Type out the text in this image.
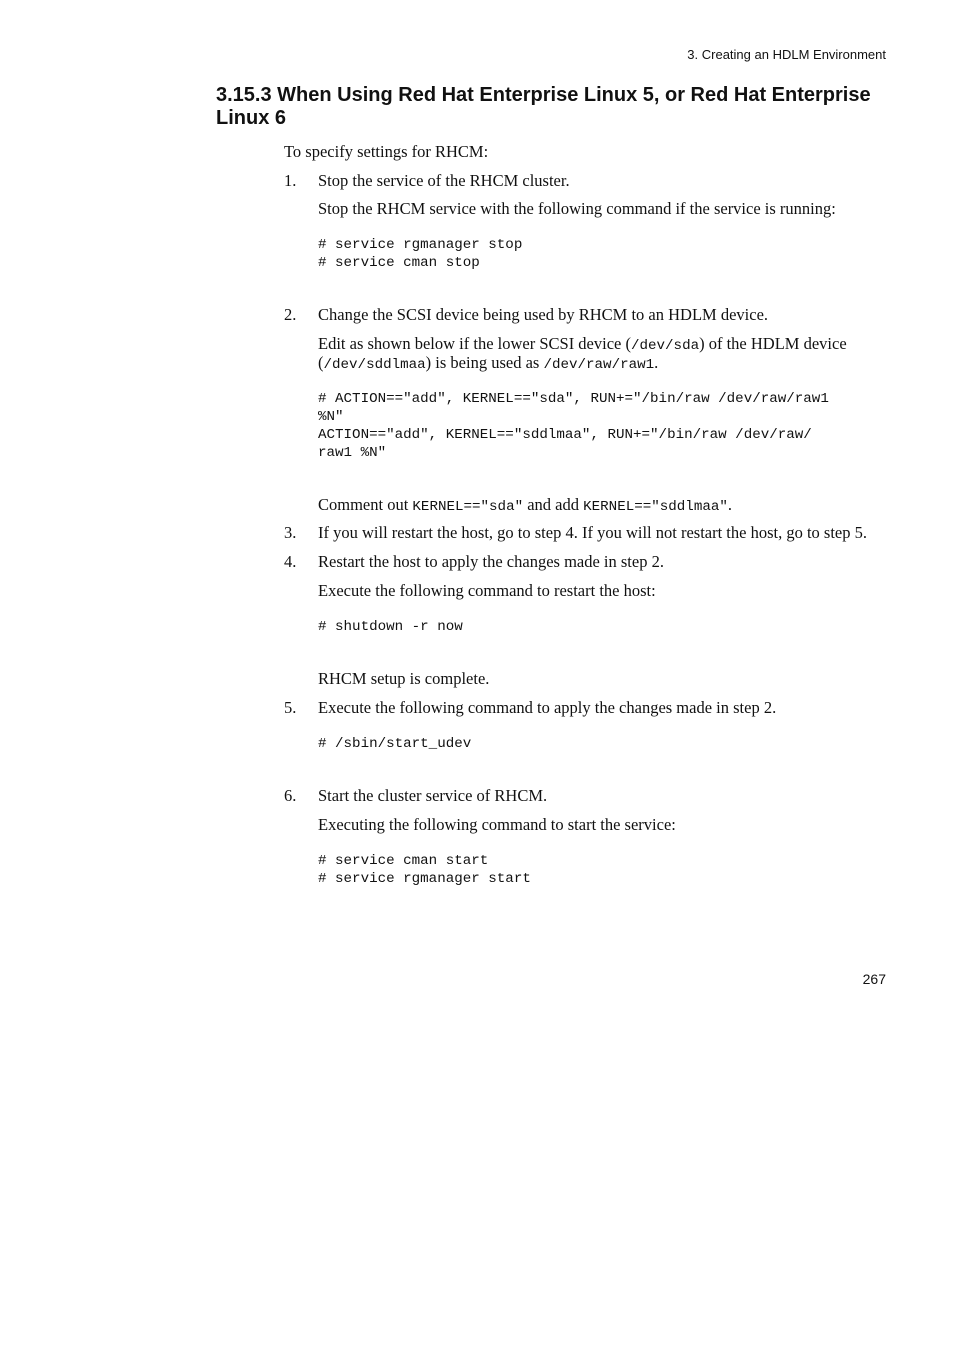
3. Creating an HDLM Environment
3.15.3 When Using Red Hat Enterprise Linux 5, or Red Hat Enterprise Linux 6
To specify settings for RHCM:
1. Stop the service of the RHCM cluster.
Stop the RHCM service with the following command if the service is running:
# service rgmanager stop
# service cman stop
2. Change the SCSI device being used by RHCM to an HDLM device.
Edit as shown below if the lower SCSI device (/dev/sda) of the HDLM device
(/dev/sddlmaa) is being used as /dev/raw/raw1.
# ACTION=="add", KERNEL=="sda", RUN+="/bin/raw /dev/raw/raw1
%N"
ACTION=="add", KERNEL=="sddlmaa", RUN+="/bin/raw /dev/raw/
raw1 %N"
Comment out KERNEL=="sda" and add KERNEL=="sddlmaa".
3. If you will restart the host, go to step 4. If you will not restart the host, go to step 5.
4. Restart the host to apply the changes made in step 2.
Execute the following command to restart the host:
# shutdown -r now
RHCM setup is complete.
5. Execute the following command to apply the changes made in step 2.
# /sbin/start_udev
6. Start the cluster service of RHCM.
Executing the following command to start the service:
# service cman start
# service rgmanager start
267
